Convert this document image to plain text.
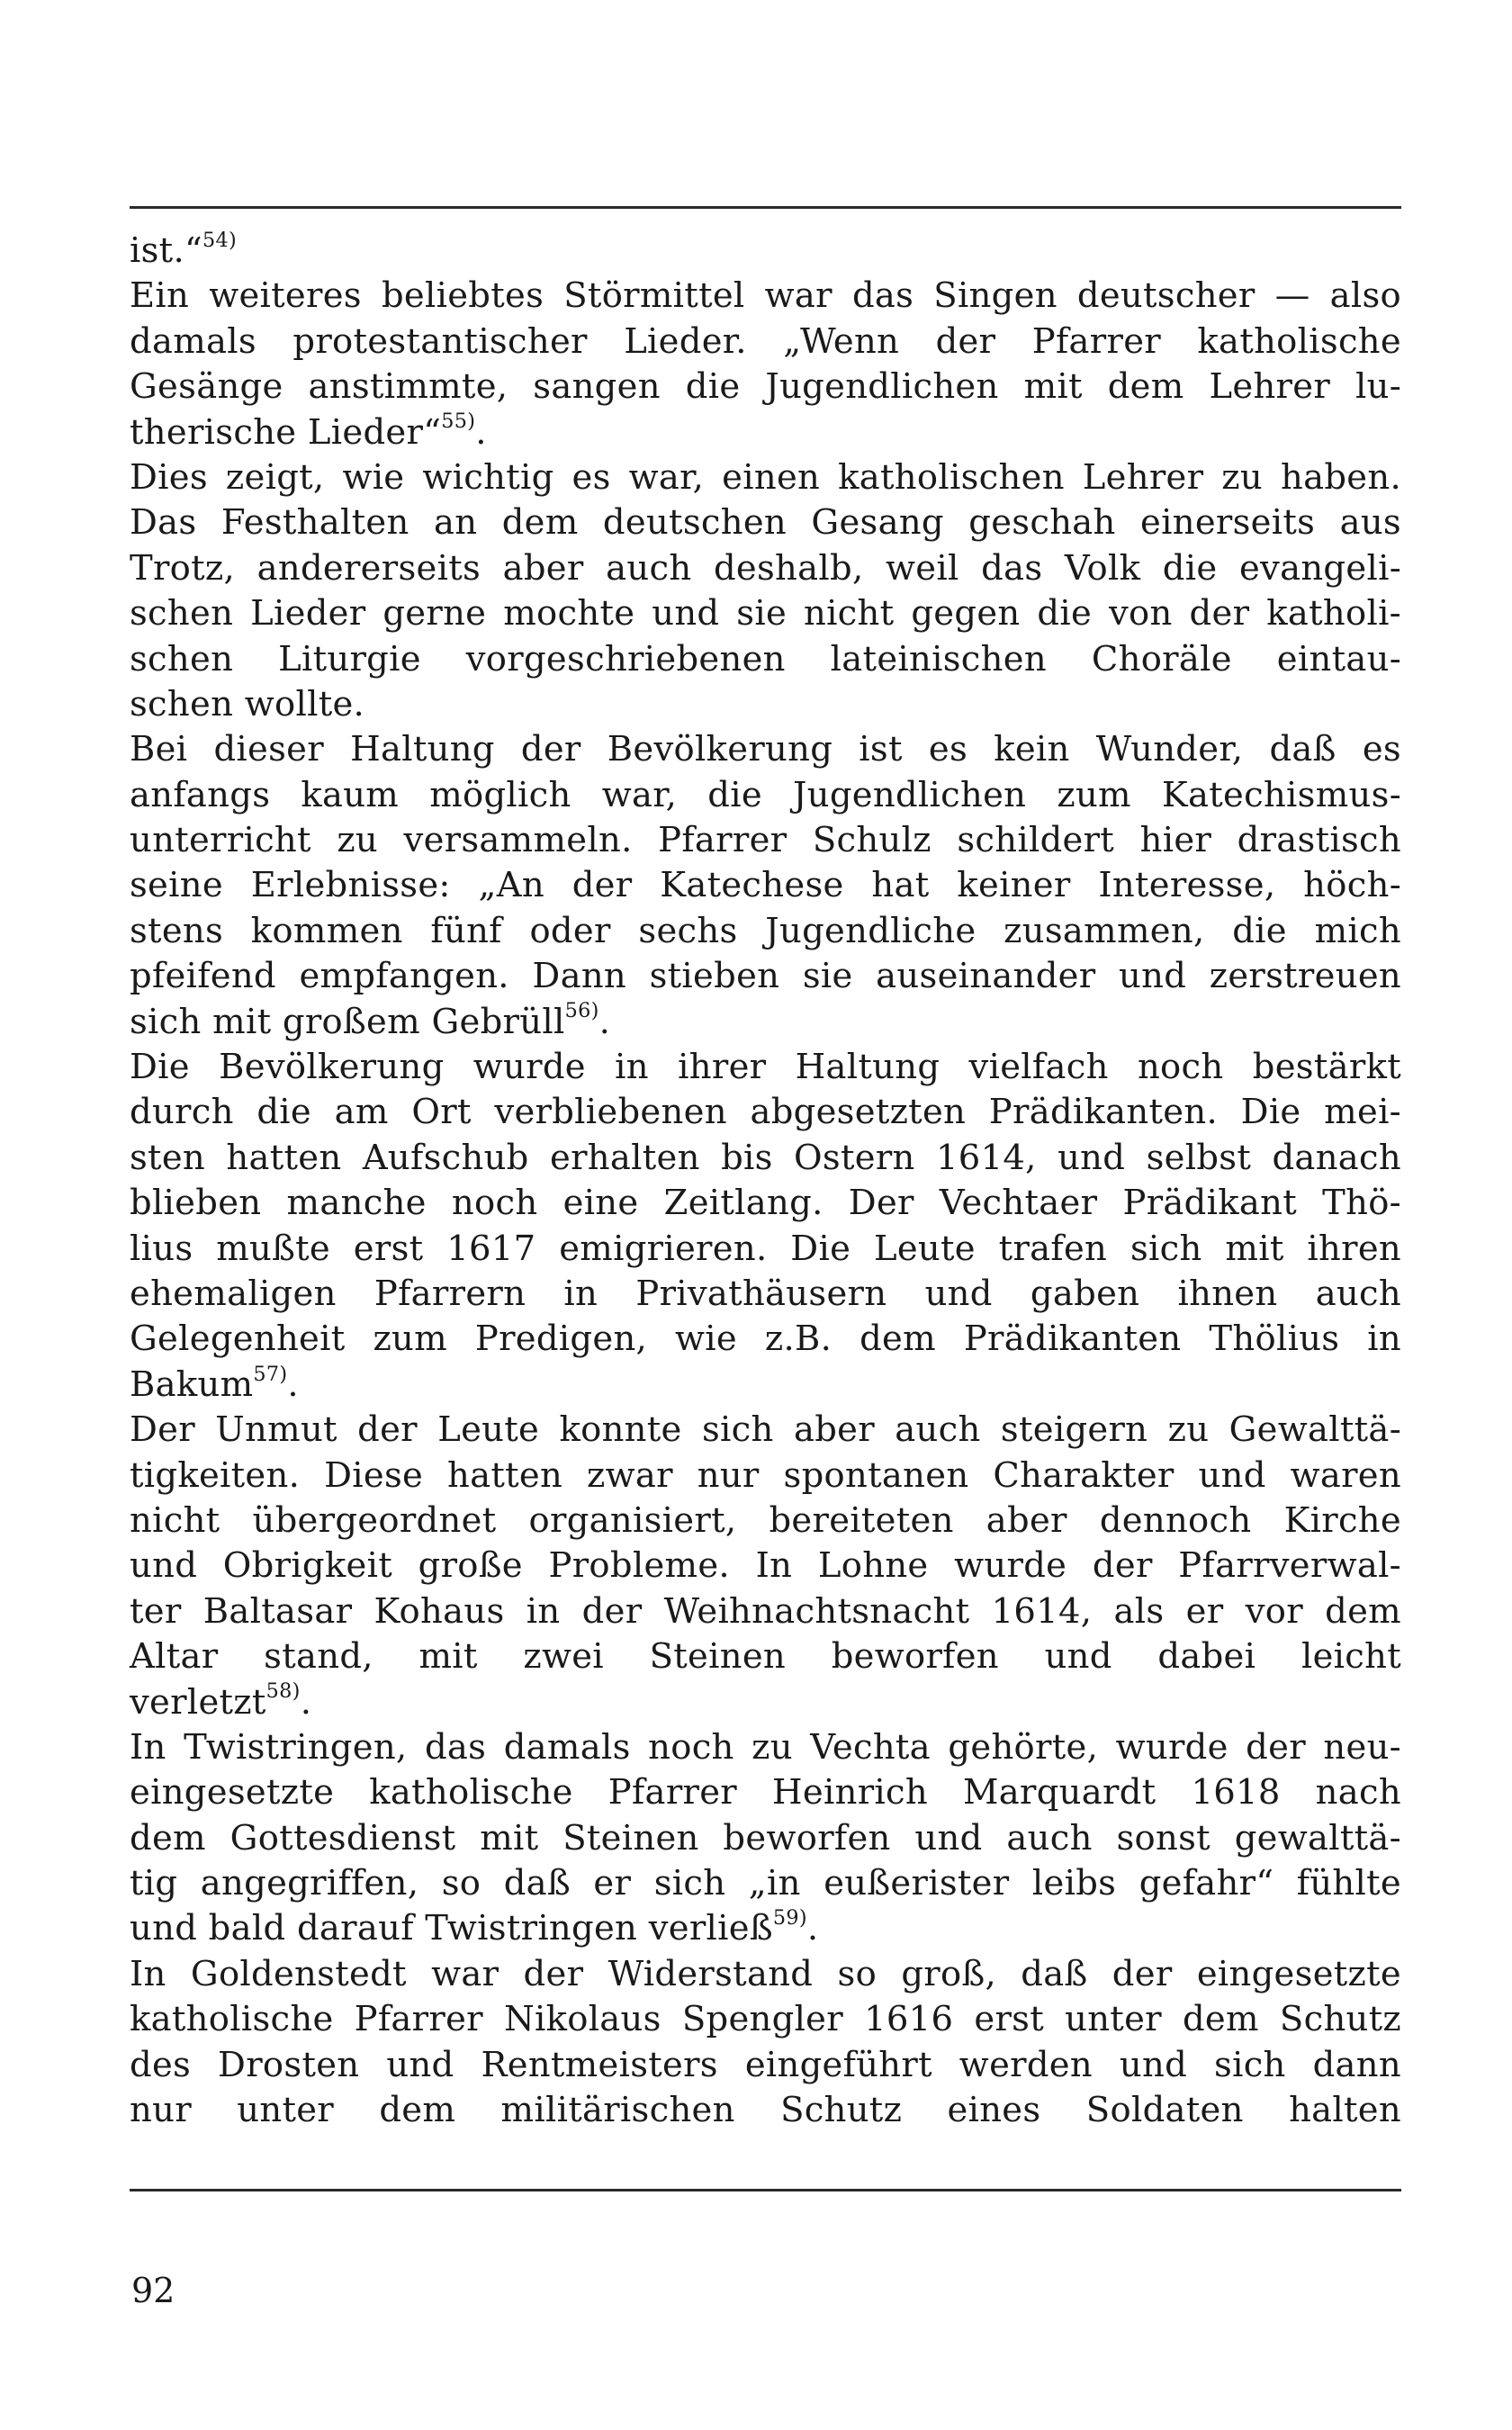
ist.“$^{54)}$
Ein weiteres beliebtes Störmittel war das Singen deutscher — also
damals protestantischer Lieder. „Wenn der Pfarrer katholische
Gesänge anstimmte, sangen die Jugendlichen mit dem Lehrer lu-
therische Lieder“$^{55)}$.
Dies zeigt, wie wichtig es war, einen katholischen Lehrer zu haben.
Das Festhalten an dem deutschen Gesang geschah einerseits aus
Trotz, andererseits aber auch deshalb, weil das Volk die evangeli-
schen Lieder gerne mochte und sie nicht gegen die von der katholi-
schen Liturgie vorgeschriebenen lateinischen Choräle eintau-
schen wollte.
Bei dieser Haltung der Bevölkerung ist es kein Wunder, daß es
anfangs kaum möglich war, die Jugendlichen zum Katechismus-
unterricht zu versammeln. Pfarrer Schulz schildert hier drastisch
seine Erlebnisse: „An der Katechese hat keiner Interesse, höch-
stens kommen fünf oder sechs Jugendliche zusammen, die mich
pfeifend empfangen. Dann stieben sie auseinander und zerstreuen
sich mit großem Gebrüll$^{56)}$.
Die Bevölkerung wurde in ihrer Haltung vielfach noch bestärkt
durch die am Ort verbliebenen abgesetzten Prädikanten. Die mei-
sten hatten Aufschub erhalten bis Ostern 1614, und selbst danach
blieben manche noch eine Zeitlang. Der Vechtaer Prädikant Thö-
lius mußte erst 1617 emigrieren. Die Leute trafen sich mit ihren
ehemaligen Pfarrern in Privathäusern und gaben ihnen auch
Gelegenheit zum Predigen, wie z.B. dem Prädikanten Thölius in
Bakum$^{57)}$.
Der Unmut der Leute konnte sich aber auch steigern zu Gewalttä-
tigkeiten. Diese hatten zwar nur spontanen Charakter und waren
nicht übergeordnet organisiert, bereiteten aber dennoch Kirche
und Obrigkeit große Probleme. In Lohne wurde der Pfarrverwal-
ter Baltasar Kohaus in der Weihnachtsnacht 1614, als er vor dem
Altar stand, mit zwei Steinen beworfen und dabei leicht
verletzt$^{58)}$.
In Twistringen, das damals noch zu Vechta gehörte, wurde der neu-
eingesetzte katholische Pfarrer Heinrich Marquardt 1618 nach
dem Gottesdienst mit Steinen beworfen und auch sonst gewalttä-
tig angegriffen, so daß er sich „in eußerister leibs gefahr“ fühlte
und bald darauf Twistringen verließ$^{59)}$.
In Goldenstedt war der Widerstand so groß, daß der eingesetzte
katholische Pfarrer Nikolaus Spengler 1616 erst unter dem Schutz
des Drosten und Rentmeisters eingeführt werden und sich dann
nur unter dem militärischen Schutz eines Soldaten halten
92
